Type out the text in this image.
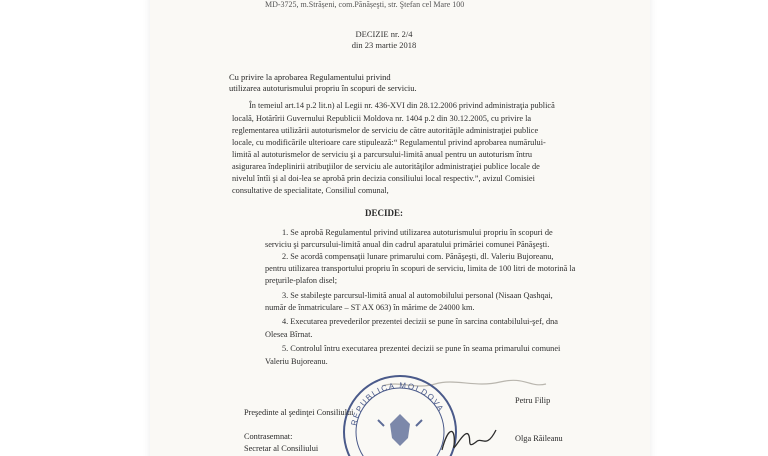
MD-3725, m.Strășeni, com.Pănășeşti, str. Ştefan cel Mare 100
DECIZIE nr. 2/4
din 23 martie 2018
Cu privire la aprobarea Regulamentului privind
utilizarea autoturismului propriu în scopuri de serviciu.
În temeiul art.14 p.2 lit.n) al Legii nr. 436-XVI din 28.12.2006 privind administraţia publică
locală, Hotărîrii Guvernului Republicii Moldova nr. 1404 p.2 din 30.12.2005, cu privire la
reglementarea utilizării autoturismelor de serviciu de către autorităţile administraţiei publice
locale, cu modificările ulterioare care stipulează:“ Regulamentul privind aprobarea numărului-
limită al autoturismelor de serviciu şi a parcursului-limită anual pentru un autoturism întru
asigurarea îndeplinirii atribuţiilor de serviciu ale autorităţilor administraţiei publice locale de
nivelul întîi şi al doi-lea se aprobă prin decizia consiliului local respectiv.”, avizul Comisiei
consultative de specialitate, Consiliul comunal,
DECIDE:
1. Se aprobă Regulamentul privind utilizarea autoturismului propriu în scopuri de
serviciu şi parcursului-limită anual din cadrul aparatului primăriei comunei Pănăşeşti.
2. Se acordă compensaţii lunare primarului com. Pănăşeşti, dl. Valeriu Bujoreanu,
pentru utilizarea transportului propriu în scopuri de serviciu, limita de 100 litri de motorină la
preţurile-plafon disel;
3. Se stabileşte parcursul-limită anual al automobilului personal (Nisaan Qashqai,
număr de înmatriculare – ST AX 063) în mărime de 24000 km.
4. Executarea prevederilor prezentei decizii se pune în sarcina contabilului-şef, dna
Olesea Bîrnat.
5. Controlul întru executarea prezentei decizii se pune în seama primarului comunei
Valeriu Bujoreanu.
REPUBLICA MOLDOVA
Preşedinte al şedinţei Consiliului
Petru Filip
Contrasemnat:
Secretar al Consiliului
Olga Răileanu
